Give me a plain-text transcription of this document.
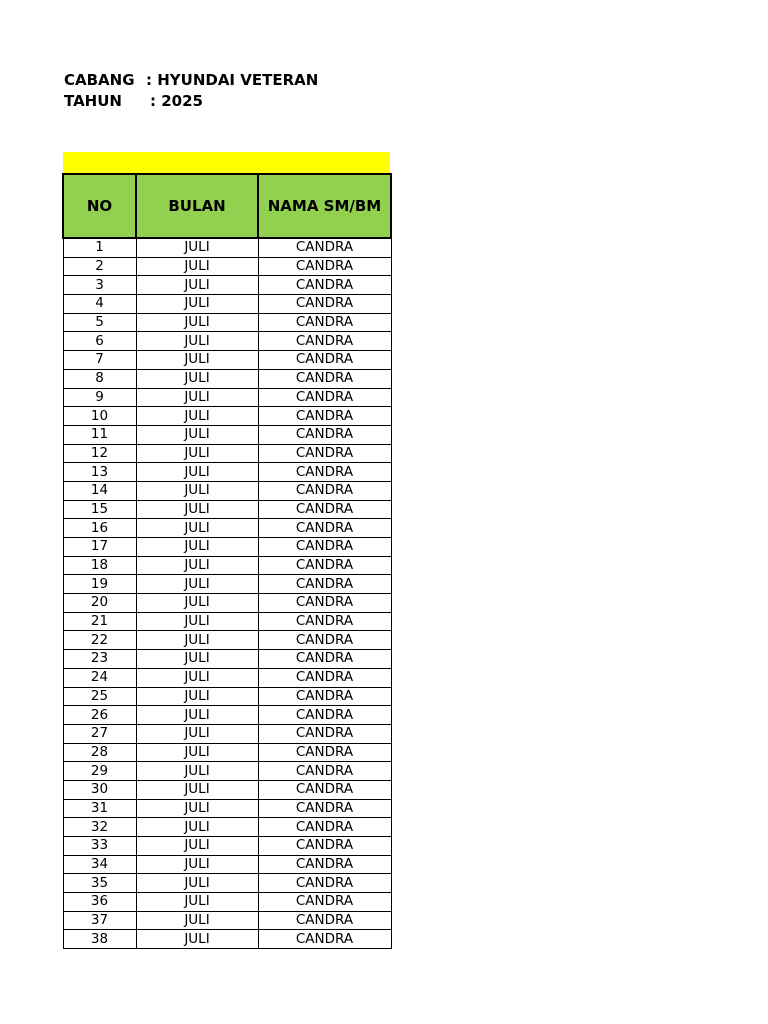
CABANG : HYUNDAI VETERAN
TAHUN	: 2025
NO	BULAN	NAMA SM/BM
1	JULI	CANDRA
2	JULI	CANDRA
3	JULI	CANDRA
4	JULI	CANDRA
5	JULI	CANDRA
6	JULI	CANDRA
7	JULI	CANDRA
8	JULI	CANDRA
9	JULI	CANDRA
10	JULI	CANDRA
11	JULI	CANDRA
12	JULI	CANDRA
13	JULI	CANDRA
14	JULI	CANDRA
15	JULI	CANDRA
16	JULI	CANDRA
17	JULI	CANDRA
18	JULI	CANDRA
19	JULI	CANDRA
20	JULI	CANDRA
21	JULI	CANDRA
22	JULI	CANDRA
23	JULI	CANDRA
24	JULI	CANDRA
25	JULI	CANDRA
26	JULI	CANDRA
27	JULI	CANDRA
28	JULI	CANDRA
29	JULI	CANDRA
30	JULI	CANDRA
31	JULI	CANDRA
32	JULI	CANDRA
33	JULI	CANDRA
34	JULI	CANDRA
35	JULI	CANDRA
36	JULI	CANDRA
37	JULI	CANDRA
38	JULI	CANDRA
